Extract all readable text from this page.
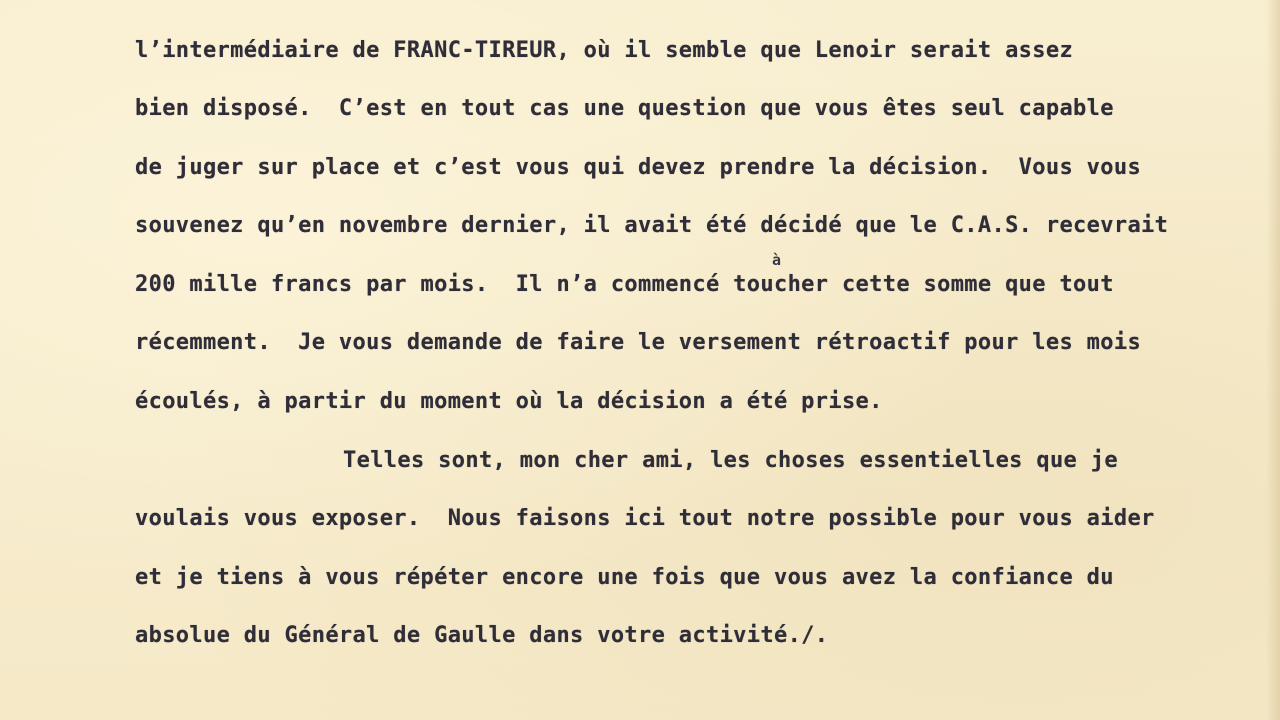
l’intermédiaire de FRANC-TIREUR, où il semble que Lenoir serait assez

bien disposé.  C’est en tout cas une question que vous êtes seul capable

de juger sur place et c’est vous qui devez prendre la décision.  Vous vous

souvenez qu’en novembre dernier, il avait été décidé que le C.A.S. recevrait

à

200 mille francs par mois.  Il n’a commencé toucher cette somme que tout

récemment.  Je vous demande de faire le versement rétroactif pour les mois

écoulés, à partir du moment où la décision a été prise.

Telles sont, mon cher ami, les choses essentielles que je

voulais vous exposer.  Nous faisons ici tout notre possible pour vous aider

et je tiens à vous répéter encore une fois que vous avez la confiance du

absolue du Général de Gaulle dans votre activité./.
